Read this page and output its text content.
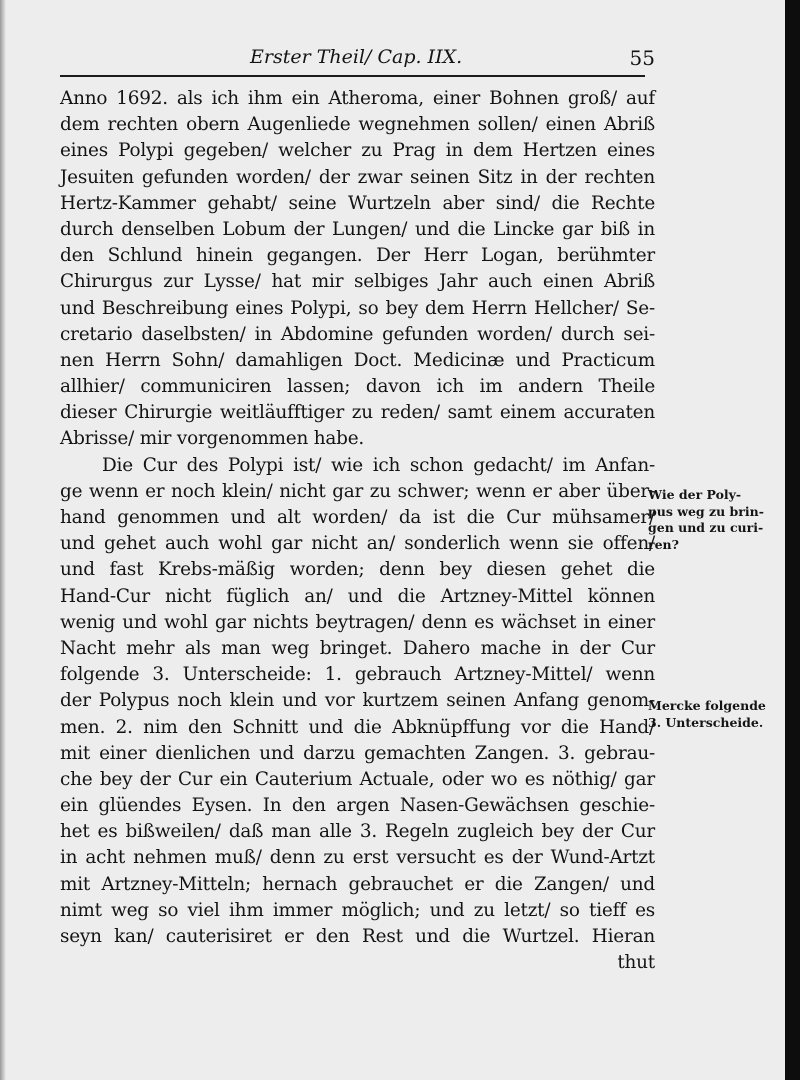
Erster Theil/ Cap. IIX.	55
Anno 1692. als ich ihm ein Atheroma, einer Bohnen groß/ auf
dem rechten obern Augenliede wegnehmen sollen/ einen Abriß
eines Polypi gegeben/ welcher zu Prag in dem Hertzen eines
Jesuiten gefunden worden/ der zwar seinen Sitz in der rechten
Hertz-Kammer gehabt/ seine Wurtzeln aber sind/ die Rechte
durch denselben Lobum der Lungen/ und die Lincke gar biß in
den Schlund hinein gegangen. Der Herr Logan, berühmter
Chirurgus zur Lysse/ hat mir selbiges Jahr auch einen Abriß
und Beschreibung eines Polypi, so bey dem Herrn Hellcher/ Se-
cretario daselbsten/ in Abdomine gefunden worden/ durch sei-
nen Herrn Sohn/ damahligen Doct. Medicinæ und Practicum
allhier/ communiciren lassen; davon ich im andern Theile
dieser Chirurgie weitläufftiger zu reden/ samt einem accuraten
Abrisse/ mir vorgenommen habe.
Die Cur des Polypi ist/ wie ich schon gedacht/ im Anfan-
ge wenn er noch klein/ nicht gar zu schwer; wenn er aber über-
hand genommen und alt worden/ da ist die Cur mühsamer/
und gehet auch wohl gar nicht an/ sonderlich wenn sie offen/
und fast Krebs-mäßig worden; denn bey diesen gehet die
Hand-Cur nicht füglich an/ und die Artzney-Mittel können
wenig und wohl gar nichts beytragen/ denn es wächset in einer
Nacht mehr als man weg bringet. Dahero mache in der Cur
folgende 3. Unterscheide: 1. gebrauch Artzney-Mittel/ wenn
der Polypus noch klein und vor kurtzem seinen Anfang genom-
men. 2. nim den Schnitt und die Abknüpffung vor die Hand/
mit einer dienlichen und darzu gemachten Zangen. 3. gebrau-
che bey der Cur ein Cauterium Actuale, oder wo es nöthig/ gar
ein glüendes Eysen. In den argen Nasen-Gewächsen geschie-
het es bißweilen/ daß man alle 3. Regeln zugleich bey der Cur
in acht nehmen muß/ denn zu erst versucht es der Wund-Artzt
mit Artzney-Mitteln; hernach gebrauchet er die Zangen/ und
nimt weg so viel ihm immer möglich; und zu letzt/ so tieff es
seyn kan/ cauterisiret er den Rest und die Wurtzel. Hieran
thut
Wie der Poly-
pus weg zu brin-
gen und zu curi-
ren?
Mercke folgende
3. Unterscheide.
